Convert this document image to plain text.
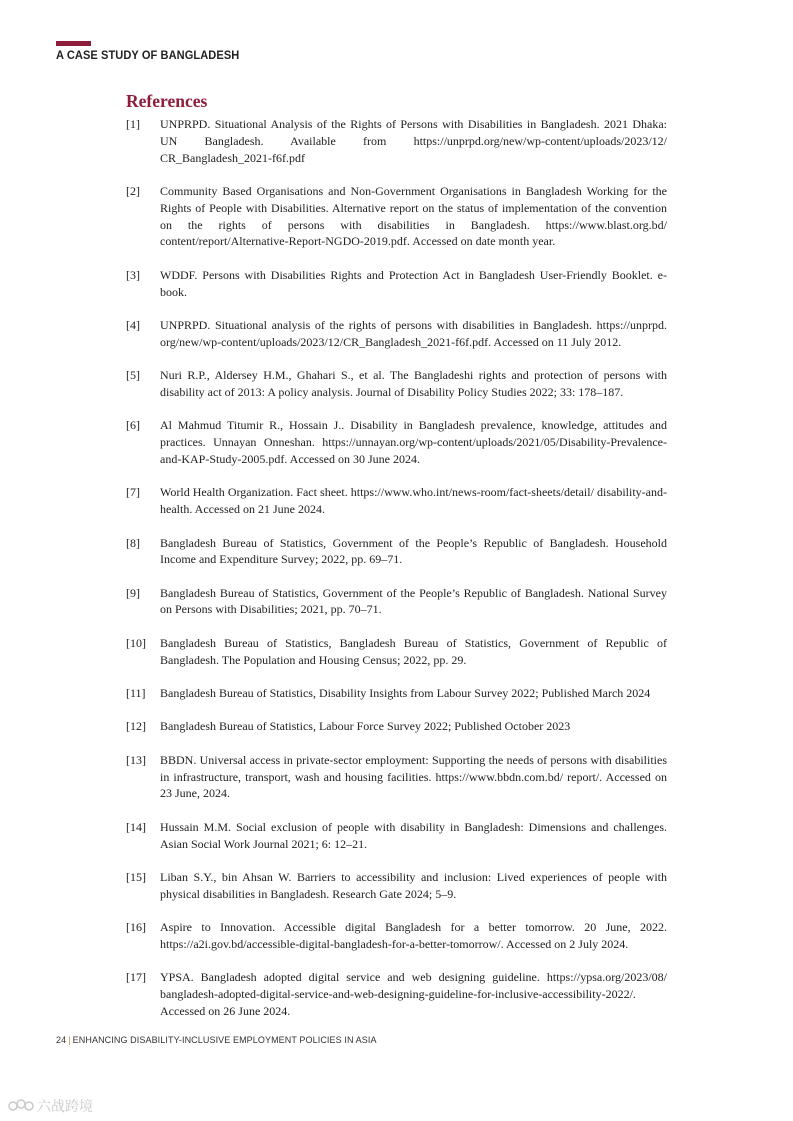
A CASE STUDY OF BANGLADESH
References
[1] UNPRPD. Situational Analysis of the Rights of Persons with Disabilities in Bangladesh. 2021 Dhaka: UN Bangladesh. Available from https://unprpd.org/new/wp-content/uploads/2023/12/ CR_Bangladesh_2021-f6f.pdf
[2] Community Based Organisations and Non-Government Organisations in Bangladesh Working for the Rights of People with Disabilities. Alternative report on the status of implementation of the convention on the rights of persons with disabilities in Bangladesh. https://www.blast.org.bd/ content/report/Alternative-Report-NGDO-2019.pdf. Accessed on date month year.
[3] WDDF. Persons with Disabilities Rights and Protection Act in Bangladesh User-Friendly Booklet. e-book.
[4] UNPRPD. Situational analysis of the rights of persons with disabilities in Bangladesh. https://unprpd. org/new/wp-content/uploads/2023/12/CR_Bangladesh_2021-f6f.pdf. Accessed on 11 July 2012.
[5] Nuri R.P., Aldersey H.M., Ghahari S., et al. The Bangladeshi rights and protection of persons with disability act of 2013: A policy analysis. Journal of Disability Policy Studies 2022; 33: 178–187.
[6] Al Mahmud Titumir R., Hossain J.. Disability in Bangladesh prevalence, knowledge, attitudes and practices. Unnayan Onneshan. https://unnayan.org/wp-content/uploads/2021/05/Disability-Prevalence-and-KAP-Study-2005.pdf. Accessed on 30 June 2024.
[7] World Health Organization. Fact sheet. https://www.who.int/news-room/fact-sheets/detail/ disability-and-health. Accessed on 21 June 2024.
[8] Bangladesh Bureau of Statistics, Government of the People’s Republic of Bangladesh. Household Income and Expenditure Survey; 2022, pp. 69–71.
[9] Bangladesh Bureau of Statistics, Government of the People’s Republic of Bangladesh. National Survey on Persons with Disabilities; 2021, pp. 70–71.
[10] Bangladesh Bureau of Statistics, Bangladesh Bureau of Statistics, Government of Republic of Bangladesh. The Population and Housing Census; 2022, pp. 29.
[11] Bangladesh Bureau of Statistics, Disability Insights from Labour Survey 2022; Published March 2024
[12] Bangladesh Bureau of Statistics, Labour Force Survey 2022; Published October 2023
[13] BBDN. Universal access in private-sector employment: Supporting the needs of persons with disabilities in infrastructure, transport, wash and housing facilities. https://www.bbdn.com.bd/ report/. Accessed on 23 June, 2024.
[14] Hussain M.M. Social exclusion of people with disability in Bangladesh: Dimensions and challenges. Asian Social Work Journal 2021; 6: 12–21.
[15] Liban S.Y., bin Ahsan W. Barriers to accessibility and inclusion: Lived experiences of people with physical disabilities in Bangladesh. Research Gate 2024; 5–9.
[16] Aspire to Innovation. Accessible digital Bangladesh for a better tomorrow. 20 June, 2022. https://a2i.gov.bd/accessible-digital-bangladesh-for-a-better-tomorrow/. Accessed on 2 July 2024.
[17] YPSA. Bangladesh adopted digital service and web designing guideline. https://ypsa.org/2023/08/ bangladesh-adopted-digital-service-and-web-designing-guideline-for-inclusive-accessibility-2022/. Accessed on 26 June 2024.
24 | ENHANCING DISABILITY-INCLUSIVE EMPLOYMENT POLICIES IN ASIA
六战跨境
